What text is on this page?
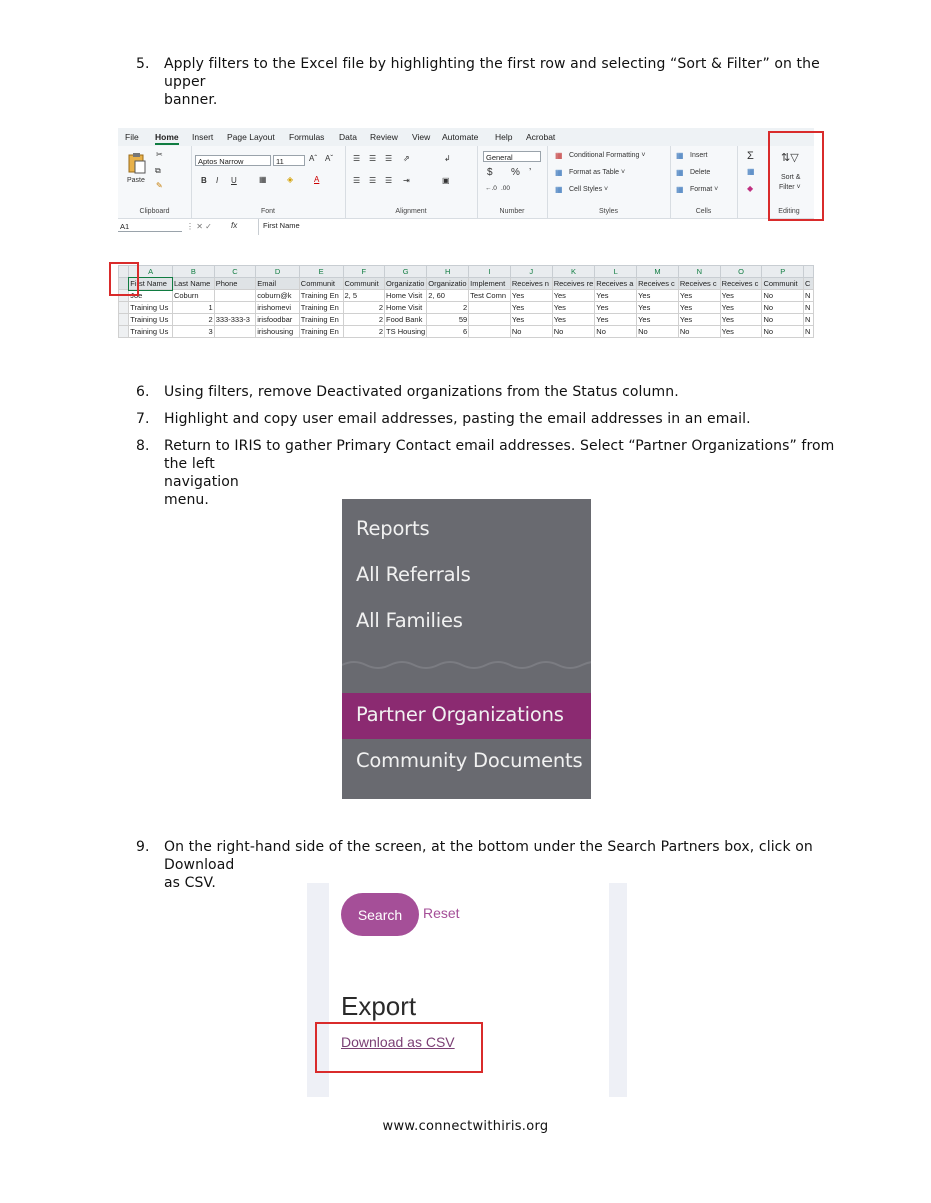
5. Apply filters to the Excel file by highlighting the first row and selecting “Sort & Filter” on the
upper banner.
File Home Insert Page Layout Formulas Data Review View Automate Help Acrobat
Paste
✂
⧉
✎
Clipboard
Aptos Narrow	11	Aˆ Aˇ
B I U	▦	◈	A
Font
☰ ☰ ☰ ⇗	↲
☰ ☰ ☰ ⇥	▣
Alignment
General
$ % ’
←.0 .00
Number
▦ Conditional Formatting ˅
▦ Format as Table ˅
▦ Cell Styles ˅
Styles
▦ Insert
▦ Delete
▦ Format ˅
Cells
Σ
▦
◆
⇅▽
Sort &
Filter ˅
Editing
A1	⋮ ✕ ✓ fx	First Name
	A	B	C	D	E	F	G	H	I	J	K	L	M	N	O	P	
	First Name	Last Name	Phone	Email	Communit	Communit	Organizatio	Organizatio	Implement	Receives n	Receives re	Receives a	Receives c	Receives c	Receives c	Communit	C
	Joe	Coburn		coburn@k	Training En	2, 5	Home Visit	2, 60	Test Comn	Yes	Yes	Yes	Yes	Yes	Yes	No	N
	Training Us	1		irishomevi	Training En	2	Home Visit	2		Yes	Yes	Yes	Yes	Yes	Yes	No	N
	Training Us	2	333-333-3	irisfoodbar	Training En	2	Food Bank	59		Yes	Yes	Yes	Yes	Yes	Yes	No	N
	Training Us	3		irishousing	Training En	2	TS Housing	6		No	No	No	No	No	Yes	No	N
6. Using filters, remove Deactivated organizations from the Status column.
7. Highlight and copy user email addresses, pasting the email addresses in an email.
8. Return to IRIS to gather Primary Contact email addresses. Select “Partner Organizations” from
the left navigation menu.
Reports
All Referrals
All Families
Partner Organizations
Community Documents
9. On the right-hand side of the screen, at the bottom under the Search Partners box, click on
Download as CSV.
Search	Reset
Export
Download as CSV
www.connectwithiris.org
